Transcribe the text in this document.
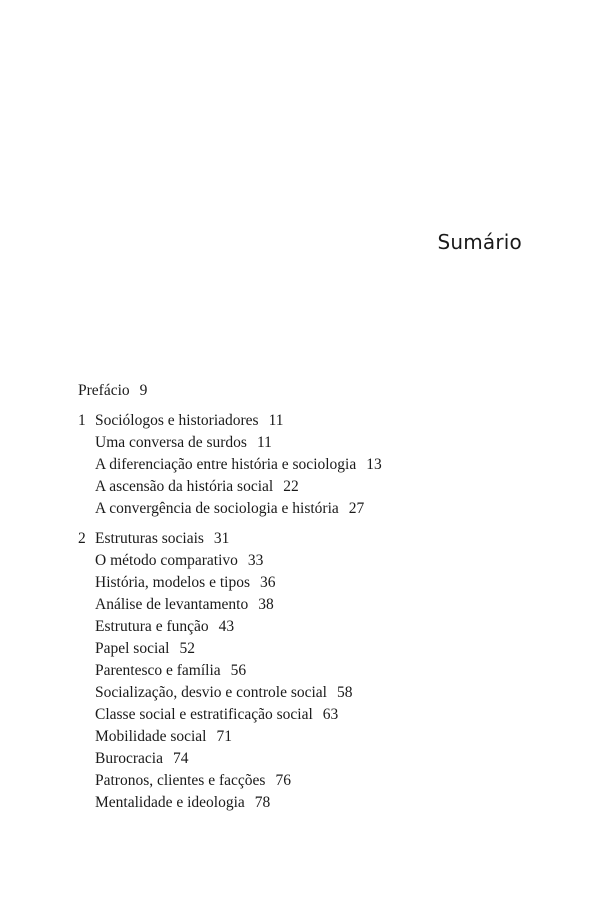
Sumário
Prefácio 9
1 Sociólogos e historiadores 11
Uma conversa de surdos 11
A diferenciação entre história e sociologia 13
A ascensão da história social 22
A convergência de sociologia e história 27
2 Estruturas sociais 31
O método comparativo 33
História, modelos e tipos 36
Análise de levantamento 38
Estrutura e função 43
Papel social 52
Parentesco e família 56
Socialização, desvio e controle social 58
Classe social e estratificação social 63
Mobilidade social 71
Burocracia 74
Patronos, clientes e facções 76
Mentalidade e ideologia 78
